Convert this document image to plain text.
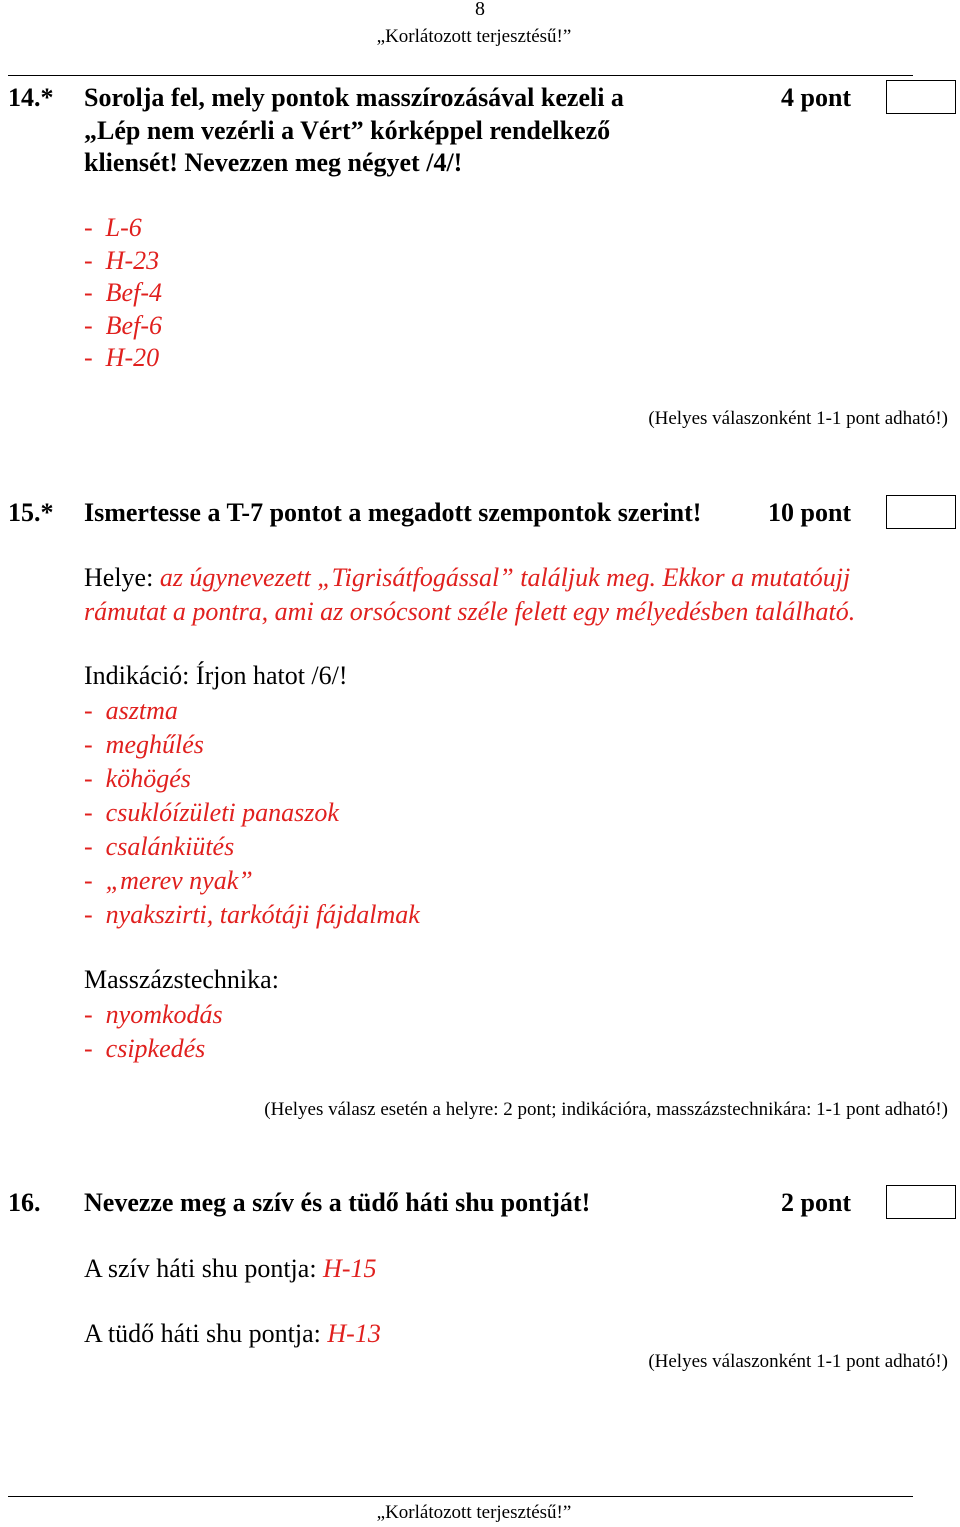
8
„Korlátozott terjesztésű!”
14.* Sorolja fel, mely pontok masszírozásával kezeli a
„Lép nem vezérli a Vért” kórképpel rendelkező
kliensét! Nevezzen meg négyet /4/!
4 pont
-  L-6
-  H-23
-  Bef-4
-  Bef-6
-  H-20
(Helyes válaszonként 1-1 pont adható!)
15.* Ismertesse a T-7 pontot a megadott szempontok szerint!	10 pont
Helye: az úgynevezett „Tigrisátfogással” találjuk meg. Ekkor a mutatóujj
rámutat a pontra, ami az orsócsont széle felett egy mélyedésben található.
Indikáció: Írjon hatot /6/!
-  asztma
-  meghűlés
-  köhögés
-  csuklóízületi panaszok
-  csalánkiütés
-  „merev nyak”
-  nyakszirti, tarkótáji fájdalmak
Masszázstechnika:
-  nyomkodás
-  csipkedés
(Helyes válasz esetén a helyre: 2 pont; indikációra, masszázstechnikára: 1-1 pont adható!)
16. Nevezze meg a szív és a tüdő háti shu pontját!	2 pont
A szív háti shu pontja: H-15
A tüdő háti shu pontja: H-13
(Helyes válaszonként 1-1 pont adható!)
„Korlátozott terjesztésű!”
